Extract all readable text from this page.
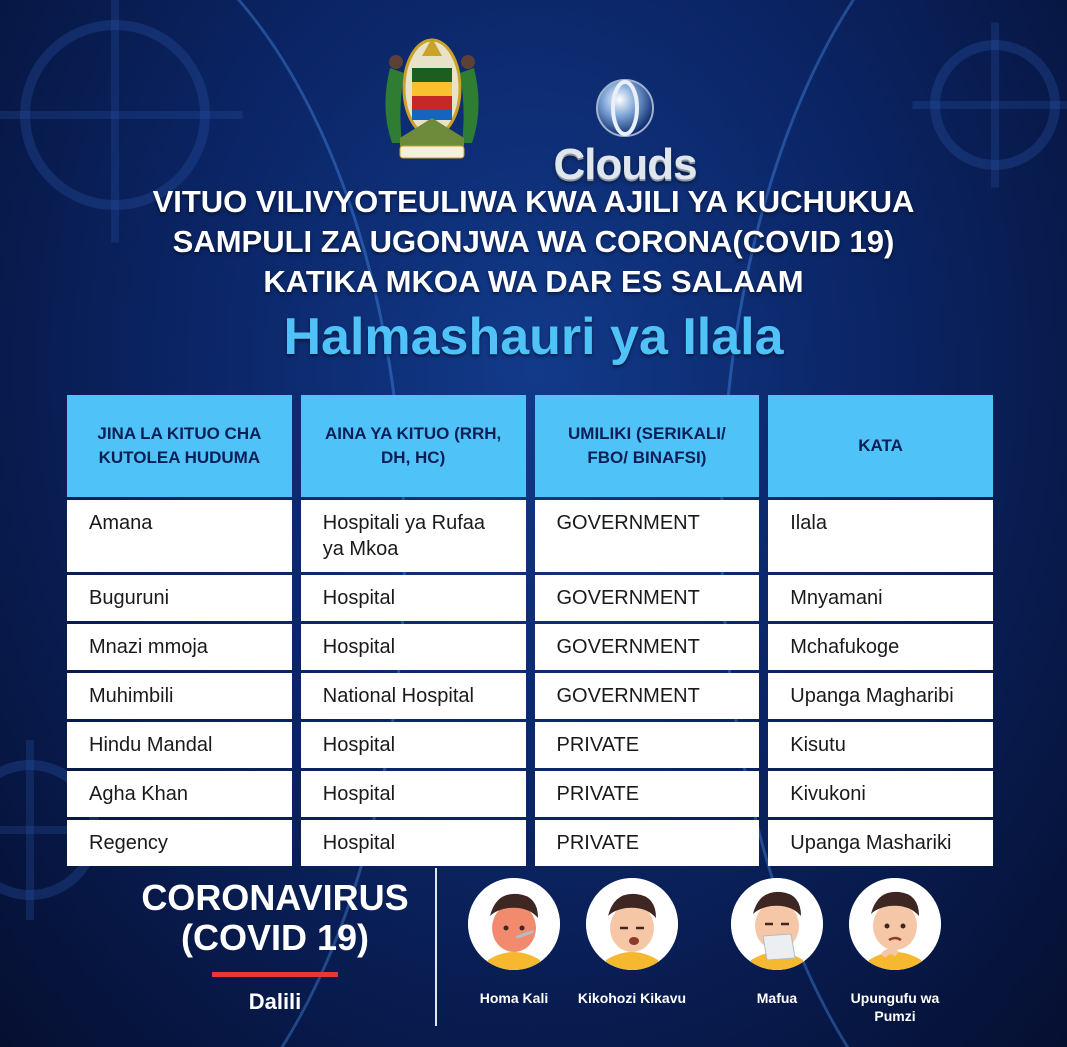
Clouds
VITUO VILIVYOTEULIWA KWA AJILI YA KUCHUKUA
SAMPULI ZA UGONJWA WA CORONA(COVID 19)
KATIKA MKOA WA DAR ES SALAAM
Halmashauri ya Ilala
JINA LA KITUO CHA KUTOLEA HUDUMA	AINA YA KITUO (RRH, DH, HC)	UMILIKI (SERIKALI/ FBO/ BINAFSI)	KATA
Amana	Hospitali ya Rufaa ya Mkoa	GOVERNMENT	Ilala
Buguruni	Hospital	GOVERNMENT	Mnyamani
Mnazi mmoja	Hospital	GOVERNMENT	Mchafukoge
Muhimbili	National Hospital	GOVERNMENT	Upanga Magharibi
Hindu Mandal	Hospital	PRIVATE	Kisutu
Agha Khan	Hospital	PRIVATE	Kivukoni
Regency	Hospital	PRIVATE	Upanga Mashariki
CORONAVIRUS
(COVID 19)
Dalili	Homa Kali	Kikohozi Kikavu	Mafua	Upungufu wa Pumzi
